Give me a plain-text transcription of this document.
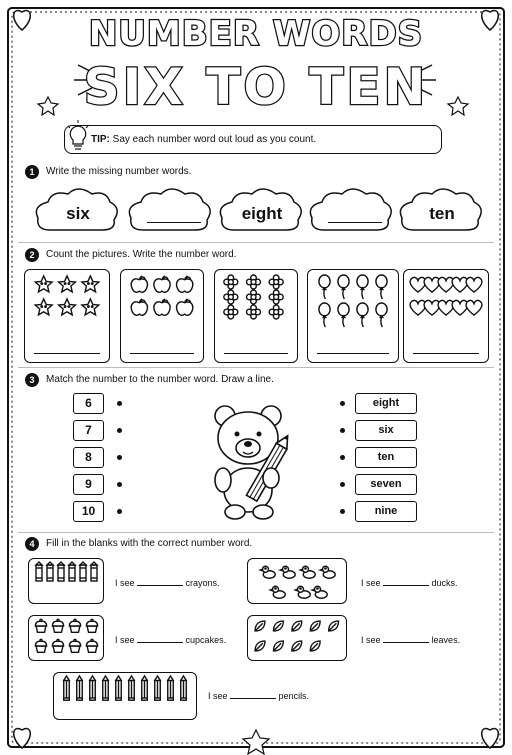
NUMBER WORDS
SIX TO TEN
TIP: Say each number word out loud as you count.
1	Write the missing number words.
six	eight	ten
2	Count the pictures. Write the number word.
3	Match the number to the number word. Draw a line.
6
7
8
9
10
eight
six
ten
seven
nine
4	Fill in the blanks with the correct number word.
I see	crayons.	I see	ducks.
I see	cupcakes.	I see	leaves.
I see	pencils.
